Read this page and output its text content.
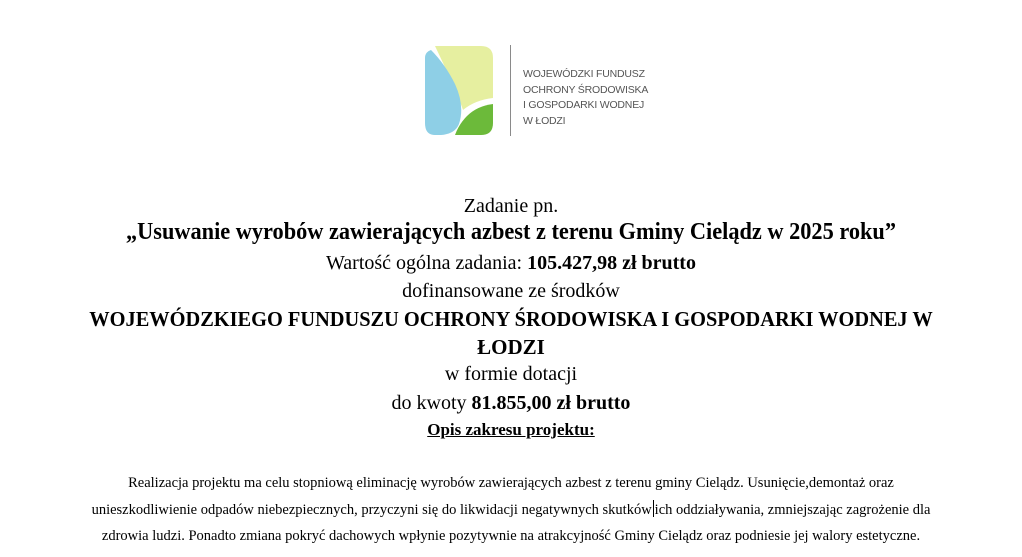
WOJEWÓDZKI FUNDUSZ
OCHRONY ŚRODOWISKA
I GOSPODARKI WODNEJ
W ŁODZI
Zadanie pn.
„Usuwanie wyrobów zawierających azbest z terenu Gminy Cielądz w 2025 roku”
Wartość ogólna zadania: 105.427,98 zł brutto
dofinansowane ze środków
WOJEWÓDZKIEGO FUNDUSZU OCHRONY ŚRODOWISKA I GOSPODARKI WODNEJ W
ŁODZI
w formie dotacji
do kwoty 81.855,00 zł brutto
Opis zakresu projektu:
Realizacja projektu ma celu stopniową eliminację wyrobów zawierających azbest z terenu gminy Cielądz. Usunięcie,demontaż oraz
unieszkodliwienie odpadów niebezpiecznych, przyczyni się do likwidacji negatywnych skutków ich oddziaływania, zmniejszając zagrożenie dla
zdrowia ludzi. Ponadto zmiana pokryć dachowych wpłynie pozytywnie na atrakcyjność Gminy Cielądz oraz podniesie jej walory estetyczne.
